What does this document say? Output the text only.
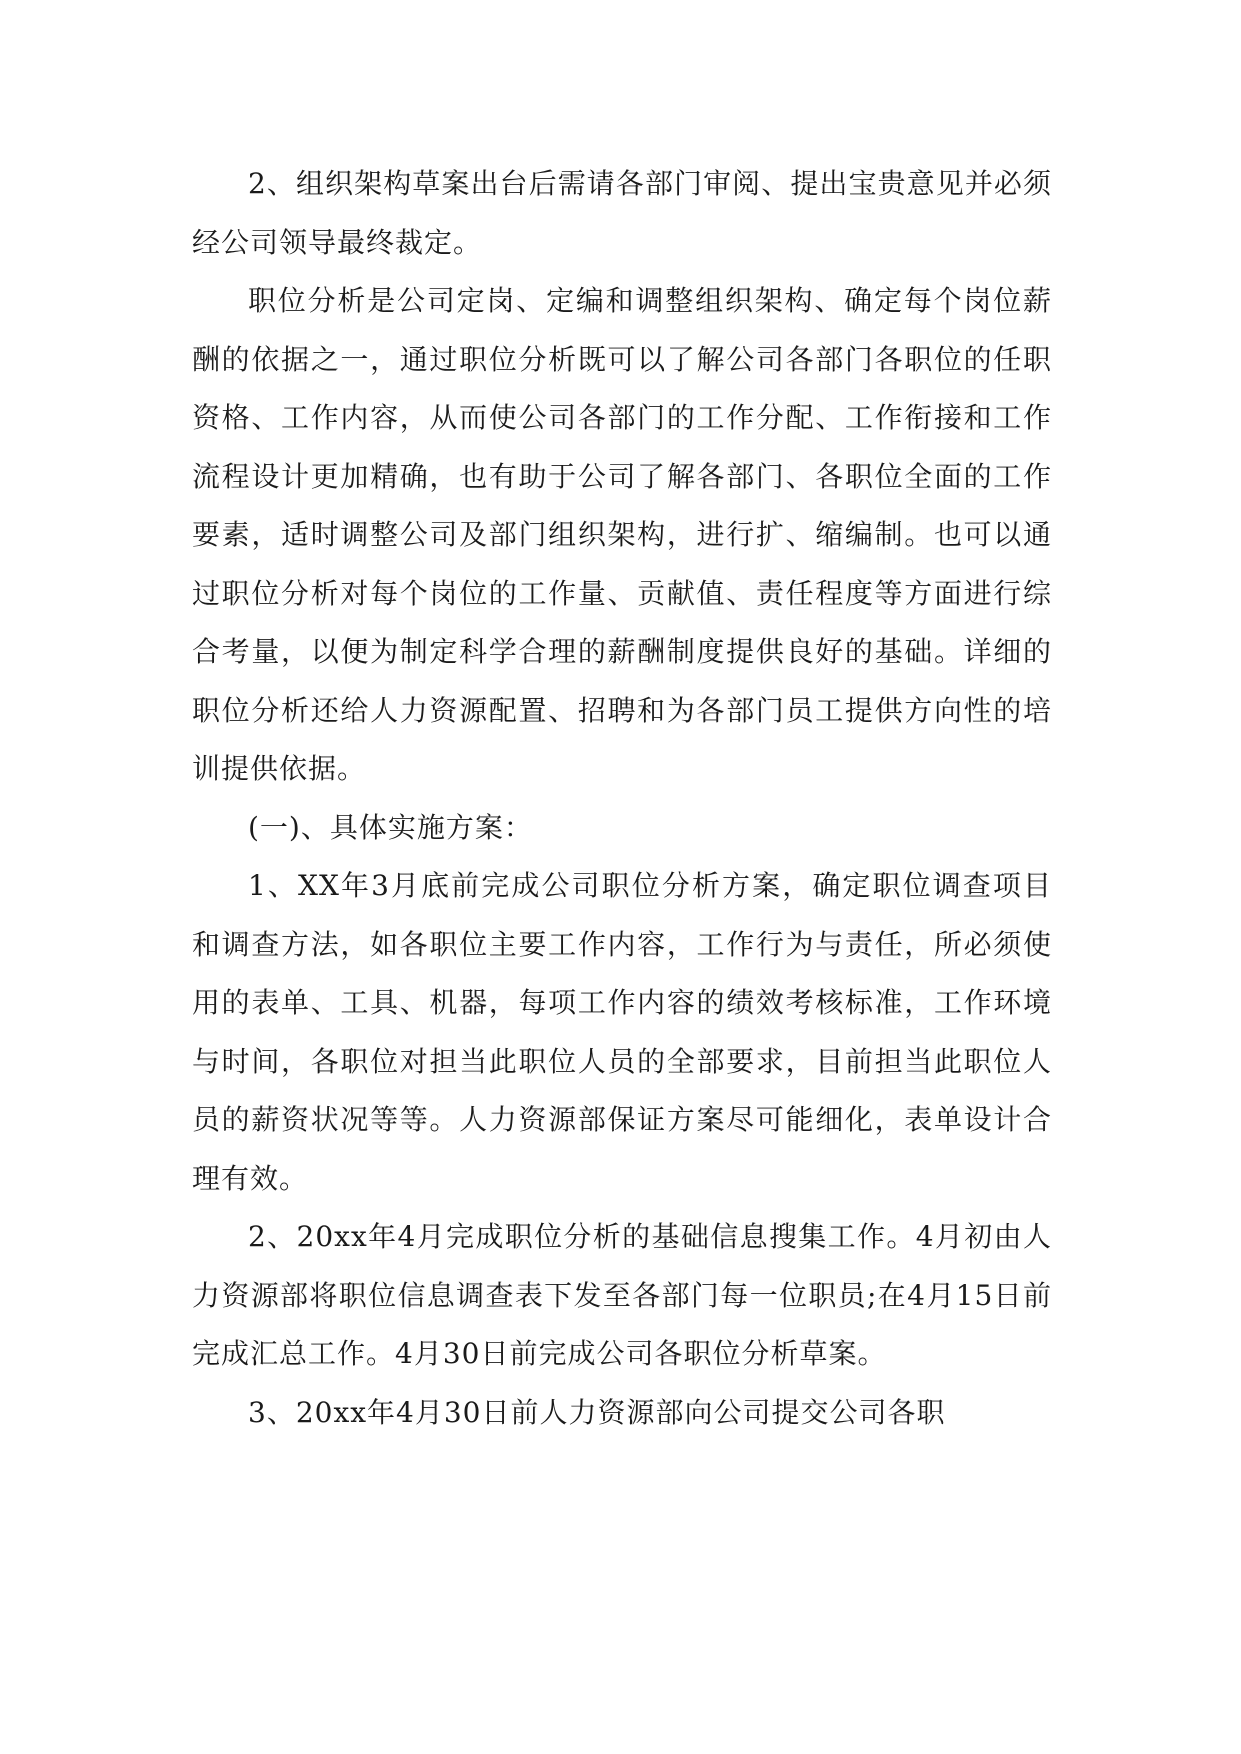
2、组织架构草案出台后需请各部门审阅、提出宝贵意见并必须经公司领导最终裁定。

职位分析是公司定岗、定编和调整组织架构、确定每个岗位薪酬的依据之一，通过职位分析既可以了解公司各部门各职位的任职资格、工作内容，从而使公司各部门的工作分配、工作衔接和工作流程设计更加精确，也有助于公司了解各部门、各职位全面的工作要素，适时调整公司及部门组织架构，进行扩、缩编制。也可以通过职位分析对每个岗位的工作量、贡献值、责任程度等方面进行综合考量，以便为制定科学合理的薪酬制度提供良好的基础。详细的职位分析还给人力资源配置、招聘和为各部门员工提供方向性的培训提供依据。

(一)、具体实施方案：

1、XX年3月底前完成公司职位分析方案，确定职位调查项目和调查方法，如各职位主要工作内容，工作行为与责任，所必须使用的表单、工具、机器，每项工作内容的绩效考核标准，工作环境与时间，各职位对担当此职位人员的全部要求，目前担当此职位人员的薪资状况等等。人力资源部保证方案尽可能细化，表单设计合理有效。

2、20xx年4月完成职位分析的基础信息搜集工作。4月初由人力资源部将职位信息调查表下发至各部门每一位职员;在4月15日前完成汇总工作。4月30日前完成公司各职位分析草案。

3、20xx年4月30日前人力资源部向公司提交公司各职
